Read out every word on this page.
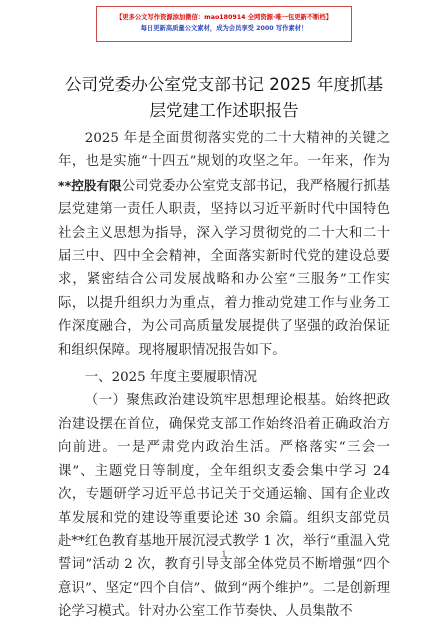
【更多公文写作资源添加微信：mao180914 全网资源·唯一包更新不断档】
每日更新高质量公文素材，成为会员享受 2000 写作素材！
公司党委办公室党支部书记 2025 年度抓基层党建工作述职报告

2025 年是全面贯彻落实党的二十大精神的关键之年，也是实施“十四五”规划的攻坚之年。一年来，作为**控股有限公司党委办公室党支部书记，我严格履行抓基层党建第一责任人职责，坚持以习近平新时代中国特色社会主义思想为指导，深入学习贯彻党的二十大和二十届三中、四中全会精神，全面落实新时代党的建设总要求，紧密结合公司发展战略和办公室“三服务”工作实际，以提升组织力为重点，着力推动党建工作与业务工作深度融合，为公司高质量发展提供了坚强的政治保证和组织保障。现将履职情况报告如下。

一、2025 年度主要履职情况

（一）聚焦政治建设筑牢思想理论根基。始终把政治建设摆在首位，确保党支部工作始终沿着正确政治方向前进。一是严肃党内政治生活。严格落实“三会一课”、主题党日等制度，全年组织支委会集中学习 24 次，专题研学习近平总书记关于交通运输、国有企业改革发展和党的建设等重要论述 30 余篇。组织支部党员赴**红色教育基地开展沉浸式教学 1 次，举行“重温入党誓词”活动 2 次，教育引导支部全体党员不断增强“四个意识”、坚定“四个自信”、做到“两个维护”。二是创新理论学习模式。针对办公室工作节奏快、人员集散不

1
